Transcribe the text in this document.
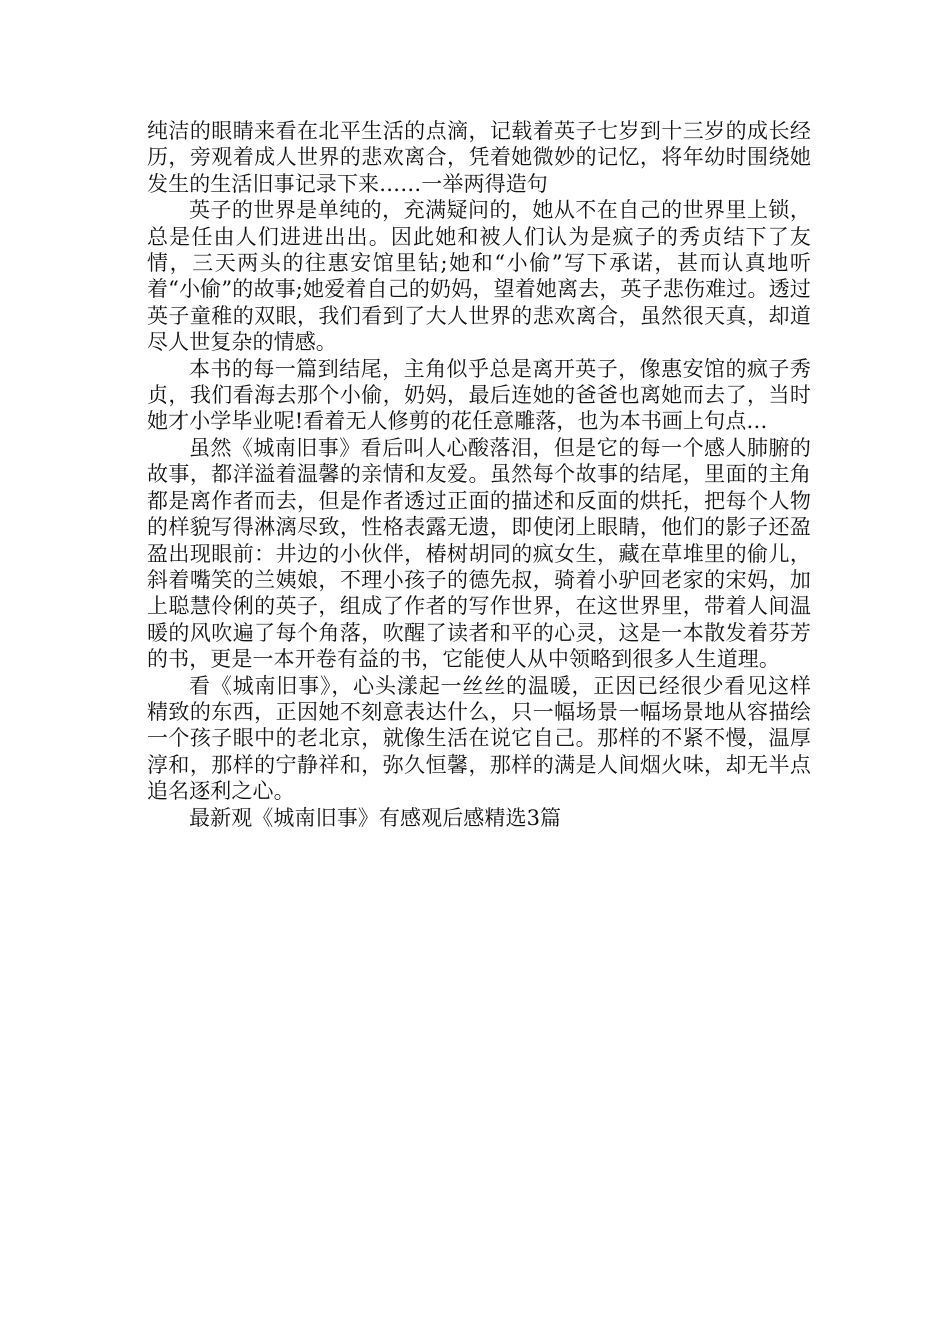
纯洁的眼睛来看在北平生活的点滴，记载着英子七岁到十三岁的成长经历，旁观着成人世界的悲欢离合，凭着她微妙的记忆，将年幼时围绕她发生的生活旧事记录下来……一举两得造句

英子的世界是单纯的，充满疑问的，她从不在自己的世界里上锁，总是任由人们进进出出。因此她和被人们认为是疯子的秀贞结下了友情，三天两头的往惠安馆里钻;她和“小偷”写下承诺，甚而认真地听着“小偷”的故事;她爱着自己的奶妈，望着她离去，英子悲伤难过。透过英子童稚的双眼，我们看到了大人世界的悲欢离合，虽然很天真，却道尽人世复杂的情感。

本书的每一篇到结尾，主角似乎总是离开英子，像惠安馆的疯子秀贞，我们看海去那个小偷，奶妈，最后连她的爸爸也离她而去了，当时她才小学毕业呢!看着无人修剪的花任意雕落，也为本书画上句点…

虽然《城南旧事》看后叫人心酸落泪，但是它的每一个感人肺腑的故事，都洋溢着温馨的亲情和友爱。虽然每个故事的结尾，里面的主角都是离作者而去，但是作者透过正面的描述和反面的烘托，把每个人物的样貌写得淋漓尽致，性格表露无遗，即使闭上眼睛，他们的影子还盈盈出现眼前：井边的小伙伴，椿树胡同的疯女生，藏在草堆里的偷儿，斜着嘴笑的兰姨娘，不理小孩子的德先叔，骑着小驴回老家的宋妈，加上聪慧伶俐的英子，组成了作者的写作世界，在这世界里，带着人间温暖的风吹遍了每个角落，吹醒了读者和平的心灵，这是一本散发着芬芳的书，更是一本开卷有益的书，它能使人从中领略到很多人生道理。

看《城南旧事》，心头漾起一丝丝的温暖，正因已经很少看见这样精致的东西，正因她不刻意表达什么，只一幅场景一幅场景地从容描绘一个孩子眼中的老北京，就像生活在说它自己。那样的不紧不慢，温厚淳和，那样的宁静祥和，弥久恒馨，那样的满是人间烟火味，却无半点追名逐利之心。

最新观《城南旧事》有感观后感精选3篇
